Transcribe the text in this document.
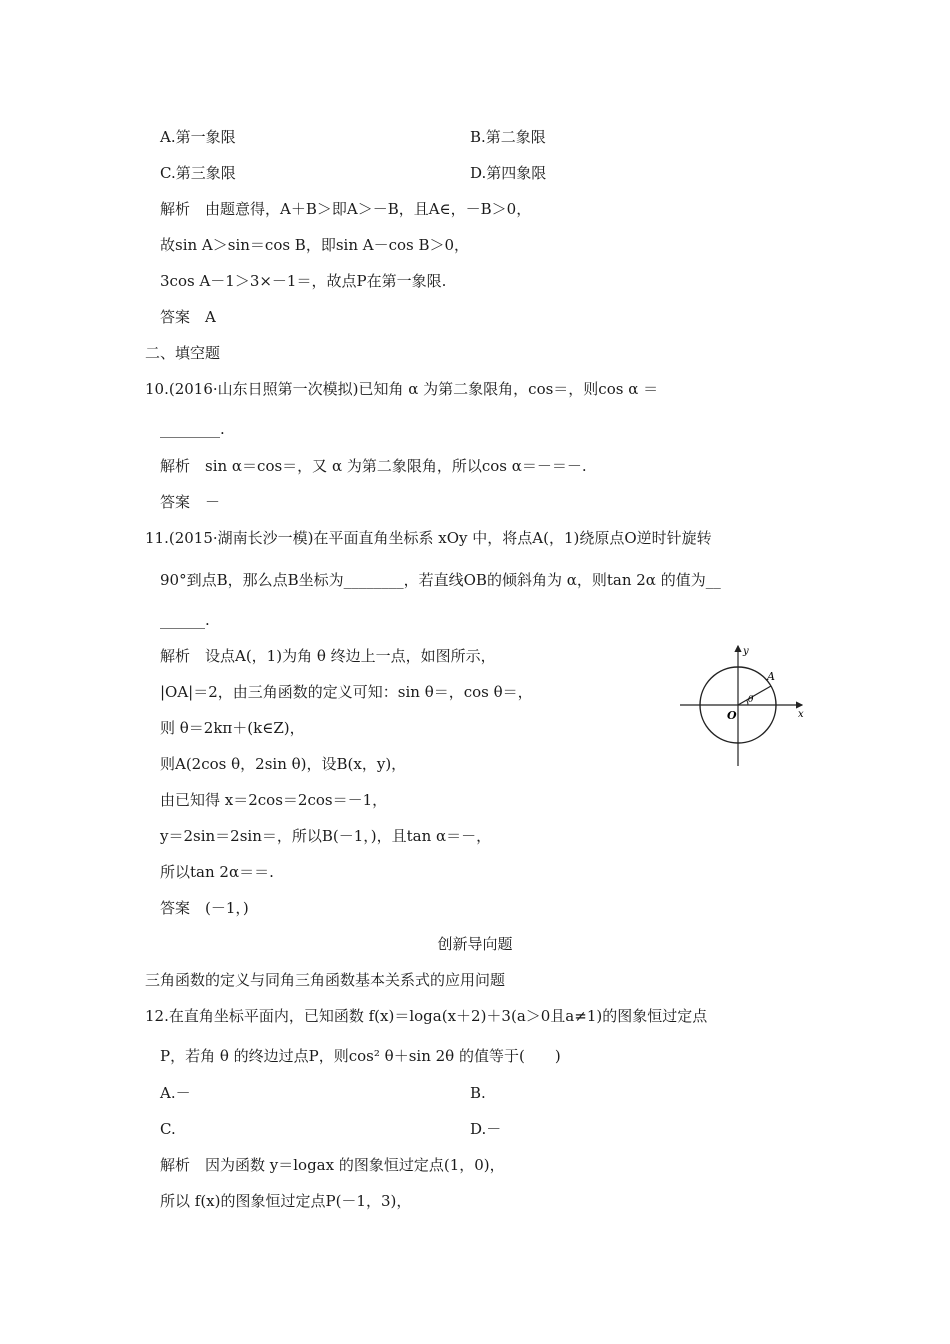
A.第一象限	B.第二象限
C.第三象限	D.第四象限
解析　由题意得，A＋B＞即A＞－B，且A∈，－B＞0，
故sin A＞sin＝cos B，即sin A－cos B＞0，
3cos A－1＞3×－1＝，故点P在第一象限.
答案　A
二、填空题
10.(2016·山东日照第一次模拟)已知角 α 为第二象限角，cos＝，则cos α ＝
________.
解析　sin α＝cos＝，又 α 为第二象限角，所以cos α＝－＝－.
答案　－
11.(2015·湖南长沙一模)在平面直角坐标系 xOy 中，将点A(，1)绕原点O逆时针旋转
90°到点B，那么点B坐标为________，若直线OB的倾斜角为 α，则tan 2α 的值为__
______.
解析　设点A(，1)为角 θ 终边上一点，如图所示，
|OA|＝2，由三角函数的定义可知：sin θ＝，cos θ＝，
则 θ＝2kπ＋(k∈Z)，
则A(2cos θ，2sin θ)，设B(x，y)，
由已知得 x＝2cos＝2cos＝－1，
y＝2sin＝2sin＝，所以B(－1，)，且tan α＝－，
所以tan 2α＝＝.
答案　(－1，)
创新导向题
三角函数的定义与同角三角函数基本关系式的应用问题
12.在直角坐标平面内，已知函数 f(x)＝loga(x＋2)＋3(a＞0且a≠1)的图象恒过定点
P，若角 θ 的终边过点P，则cos² θ＋sin 2θ 的值等于(　　)
A.－	B.
C.	D.－
解析　因为函数 y＝logax 的图象恒过定点(1，0)，
所以 f(x)的图象恒过定点P(－1，3)，
x
y
O
A
θ
